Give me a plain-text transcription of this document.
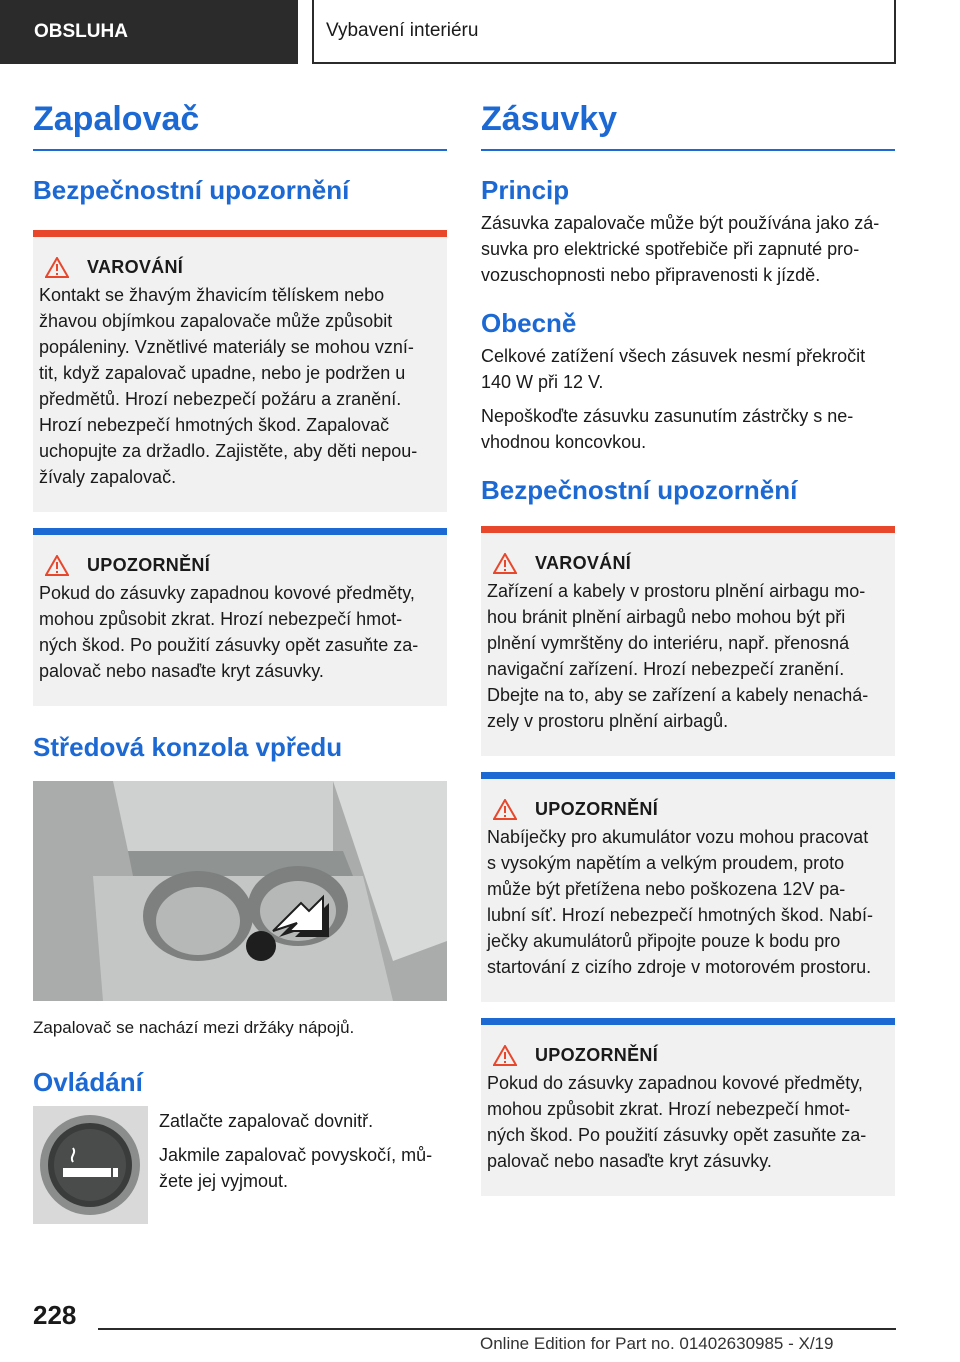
OBSLUHA	Vybavení interiéru
Zapalovač
Bezpečnostní upozornění
VAROVÁNÍ

Kontakt se žhavým žhavicím tělískem nebo

žhavou objímkou zapalovače může způsobit

popáleniny. Vznětlivé materiály se mohou vzní‐

tit, když zapalovač upadne, nebo je podržen u

předmětů. Hrozí nebezpečí požáru a zranění.

Hrozí nebezpečí hmotných škod. Zapalovač

uchopujte za držadlo. Zajistěte, aby děti nepou‐

žívaly zapalovač.

UPOZORNĚNÍ

Pokud do zásuvky zapadnou kovové předměty,

mohou způsobit zkrat. Hrozí nebezpečí hmot‐

ných škod. Po použití zásuvky opět zasuňte za‐

palovač nebo nasaďte kryt zásuvky.

Středová konzola vpředu

Zapalovač se nachází mezi držáky nápojů.

Ovládání

Zatlačte zapalovač dovnitř.

Jakmile zapalovač povyskočí, mů‐

žete jej vyjmout.

Zásuvky
Princip

Zásuvka zapalovače může být používána jako zá‐

suvka pro elektrické spotřebiče při zapnuté pro‐

vozuschopnosti nebo připravenosti k jízdě.

Obecně

Celkové zatížení všech zásuvek nesmí překročit

140 W při 12 V.

Nepoškoďte zásuvku zasunutím zástrčky s ne‐

vhodnou koncovkou.

Bezpečnostní upozornění
VAROVÁNÍ

Zařízení a kabely v prostoru plnění airbagu mo‐

hou bránit plnění airbagů nebo mohou být při

plnění vymrštěny do interiéru, např. přenosná

navigační zařízení. Hrozí nebezpečí zranění.

Dbejte na to, aby se zařízení a kabely nenachá‐

zely v prostoru plnění airbagů.

UPOZORNĚNÍ

Nabíječky pro akumulátor vozu mohou pracovat

s vysokým napětím a velkým proudem, proto

může být přetížena nebo poškozena 12V pa‐

lubní síť. Hrozí nebezpečí hmotných škod. Nabí‐

ječky akumulátorů připojte pouze k bodu pro

startování z cizího zdroje v motorovém prostoru.

UPOZORNĚNÍ

Pokud do zásuvky zapadnou kovové předměty,

mohou způsobit zkrat. Hrozí nebezpečí hmot‐

ných škod. Po použití zásuvky opět zasuňte za‐

palovač nebo nasaďte kryt zásuvky.

228
Online Edition for Part no. 01402630985 - X/19
